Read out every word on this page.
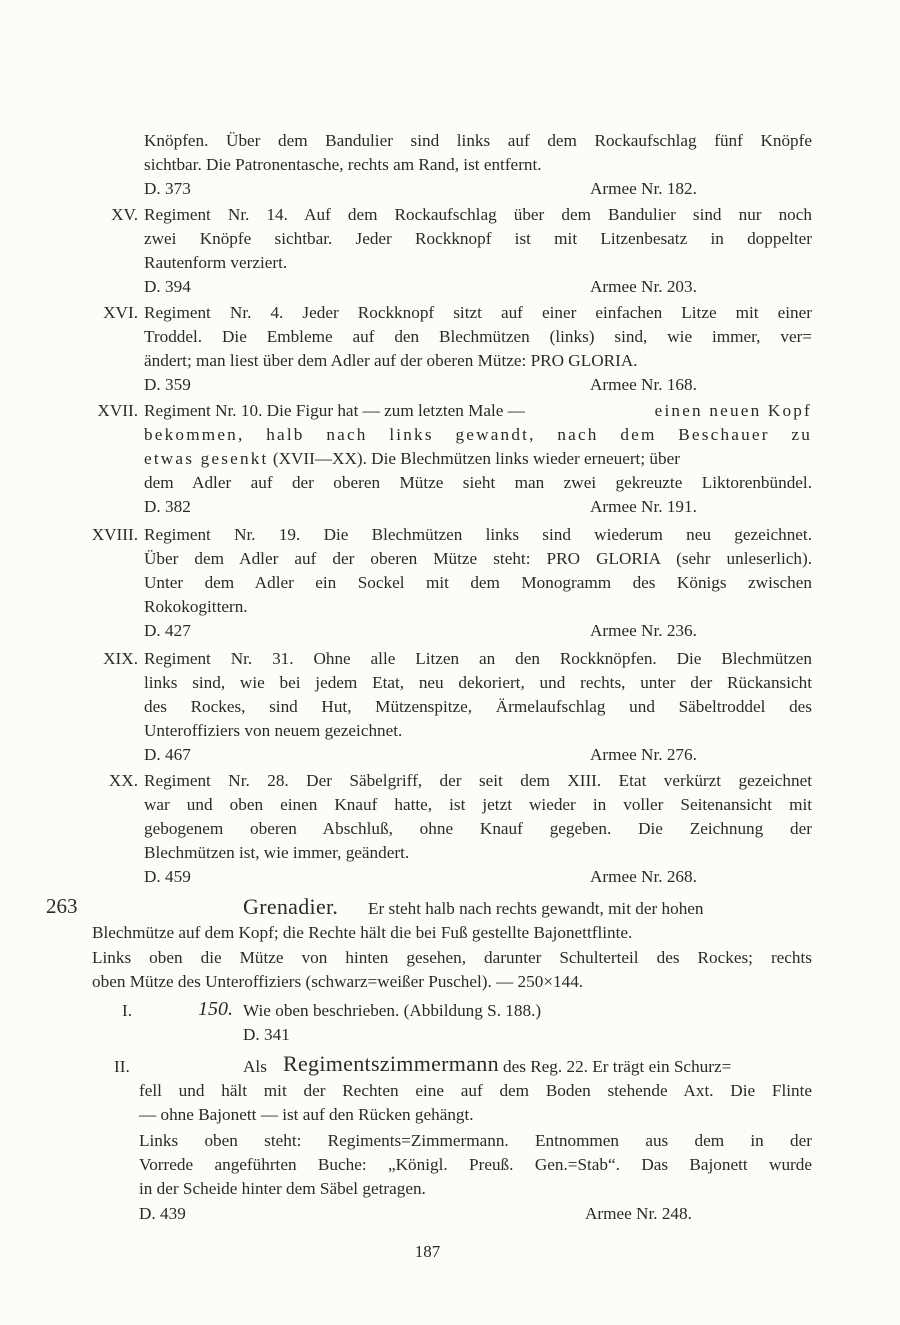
Knöpfen. Über dem Bandulier sind links auf dem Rockaufschlag fünf Knöpfe
sichtbar. Die Patronentasche, rechts am Rand, ist entfernt.
D. 373	Armee Nr. 182.
XV. Regiment Nr. 14. Auf dem Rockaufschlag über dem Bandulier sind nur noch
zwei Knöpfe sichtbar. Jeder Rockknopf ist mit Litzenbesatz in doppelter
Rautenform verziert.
D. 394	Armee Nr. 203.
XVI. Regiment Nr. 4. Jeder Rockknopf sitzt auf einer einfachen Litze mit einer
Troddel. Die Embleme auf den Blechmützen (links) sind, wie immer, ver=
ändert; man liest über dem Adler auf der oberen Mütze: PRO GLORIA.
D. 359	Armee Nr. 168.
XVII. Regiment Nr. 10. Die Figur hat — zum letzten Male —	einen neuen Kopf
bekommen, halb nach links gewandt, nach dem Beschauer zu
etwas gesenkt (XVII—XX). Die Blechmützen links wieder erneuert; über
dem Adler auf der oberen Mütze sieht man zwei gekreuzte Liktorenbündel.
D. 382	Armee Nr. 191.
XVIII. Regiment Nr. 19. Die Blechmützen links sind wiederum neu gezeichnet.
Über dem Adler auf der oberen Mütze steht: PRO GLORIA (sehr unleserlich).
Unter dem Adler ein Sockel mit dem Monogramm des Königs zwischen
Rokokogittern.
D. 427	Armee Nr. 236.
XIX. Regiment Nr. 31. Ohne alle Litzen an den Rockknöpfen. Die Blechmützen
links sind, wie bei jedem Etat, neu dekoriert, und rechts, unter der Rückansicht
des Rockes, sind Hut, Mützenspitze, Ärmelaufschlag und Säbeltroddel des
Unteroffiziers von neuem gezeichnet.
D. 467	Armee Nr. 276.
XX. Regiment Nr. 28. Der Säbelgriff, der seit dem XIII. Etat verkürzt gezeichnet
war und oben einen Knauf hatte, ist jetzt wieder in voller Seitenansicht mit
gebogenem oberen Abschluß, ohne Knauf gegeben. Die Zeichnung der
Blechmützen ist, wie immer, geändert.
D. 459	Armee Nr. 268.
263	Grenadier. Er steht halb nach rechts gewandt, mit der hohen
Blechmütze auf dem Kopf; die Rechte hält die bei Fuß gestellte Bajonettflinte.
Links oben die Mütze von hinten gesehen, darunter Schulterteil des Rockes; rechts
oben Mütze des Unteroffiziers (schwarz=weißer Puschel). — 250×144.
I.	150. Wie oben beschrieben. (Abbildung S. 188.)
D. 341
II.	Als Regimentszimmermann des Reg. 22. Er trägt ein Schurz=
fell und hält mit der Rechten eine auf dem Boden stehende Axt. Die Flinte
— ohne Bajonett — ist auf den Rücken gehängt.
Links oben steht: Regiments=Zimmermann. Entnommen aus dem in der
Vorrede angeführten Buche: „Königl. Preuß. Gen.=Stab“. Das Bajonett wurde
in der Scheide hinter dem Säbel getragen.
D. 439	Armee Nr. 248.
187
